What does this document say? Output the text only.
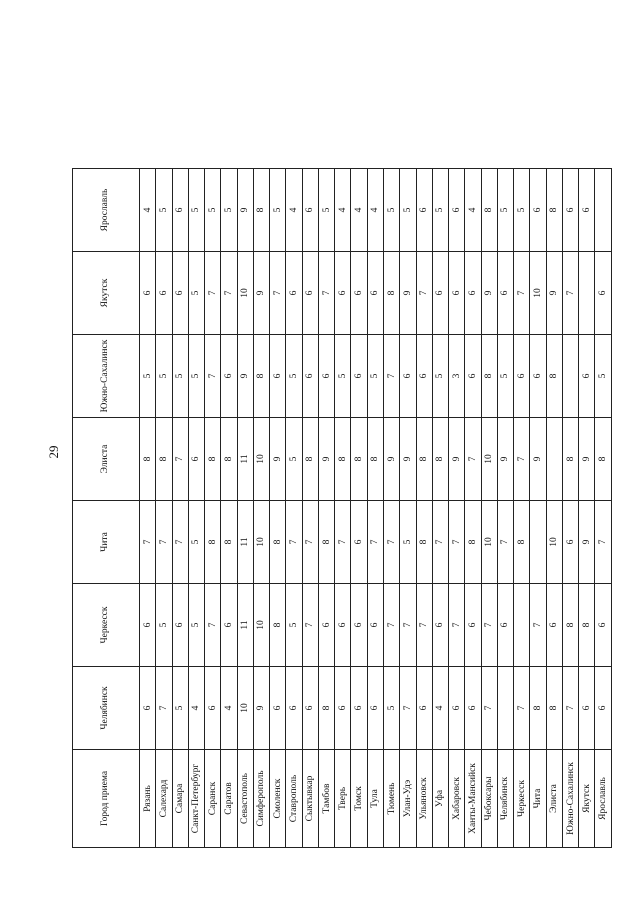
29
Город приема	Челябинск	Черкесск	Чита	Элиста	Южно-Сахалинск	Якутск	Ярославль
Рязань	6	6	7	8	5	6	4
Салехард	7	5	7	8	5	6	5
Самара	5	6	7	7	5	6	6
Санкт-Петербург	4	5	5	6	5	5	5
Саранск	6	7	8	8	7	7	5
Саратов	4	6	8	8	6	7	5
Севастополь	10	11	11	11	9	10	9
Симферополь	9	10	10	10	8	9	8
Смоленск	6	8	8	9	6	7	5
Ставрополь	6	5	7	5	5	6	4
Сыктывкар	6	7	7	8	6	6	6
Тамбов	8	6	8	9	6	7	5
Тверь	6	6	7	8	5	6	4
Томск	6	6	6	8	6	6	4
Тула	6	6	7	8	5	6	4
Тюмень	5	7	7	9	7	8	5
Улан-Удэ	7	7	5	9	6	9	5
Ульяновск	6	7	8	8	6	7	6
Уфа	4	6	7	8	5	6	5
Хабаровск	6	7	7	9	3	6	6
Ханты-Мансийск	6	6	8	7	6	6	4
Чебоксары	7	7	10	10	8	9	8
Челябинск		6	7	9	5	6	5
Черкесск	7		8	7	6	7	5
Чита	8	7		9	6	10	6
Элиста	8	6	10		8	9	8
Южно-Сахалинск	7	8	6	8		7	6
Якутск	6	8	9	9	6		6
Ярославль	6	6	7	8	5	6	
